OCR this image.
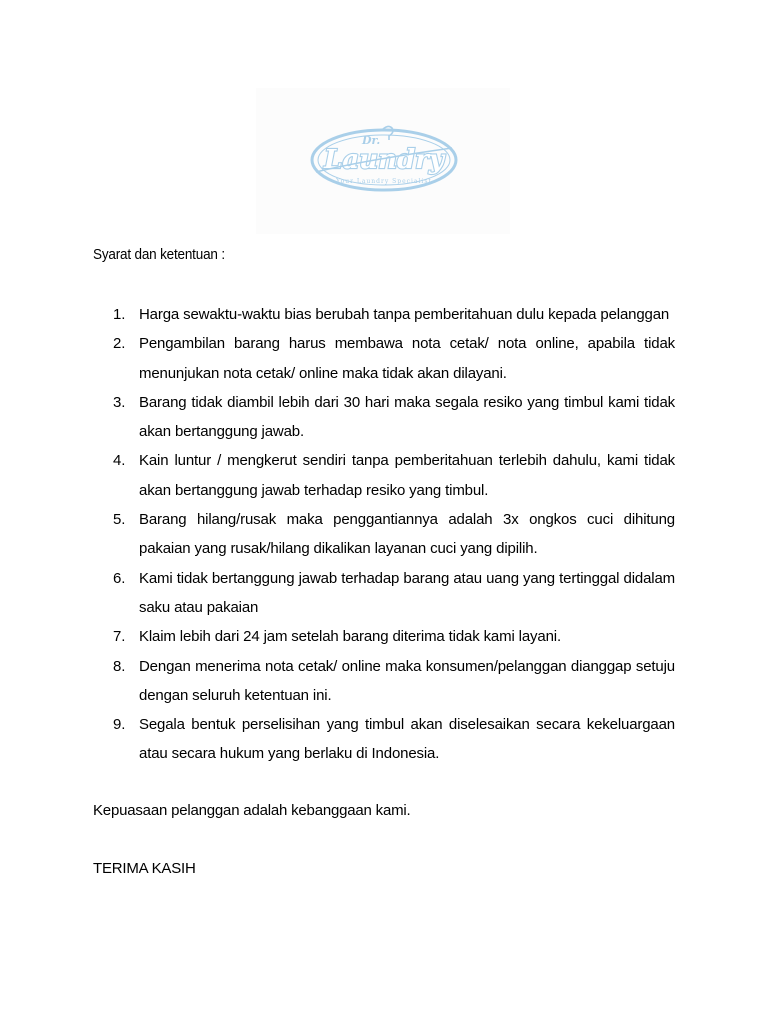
Dr.
Laundry
Your Laundry Specialist
Syarat dan ketentuan :
1. Harga sewaktu-waktu bias berubah tanpa pemberitahuan dulu kepada pelanggan
2. Pengambilan barang harus membawa nota cetak/ nota online, apabila tidak menunjukan nota cetak/ online maka tidak akan dilayani.
3. Barang tidak diambil lebih dari 30 hari maka segala resiko yang timbul kami tidak akan bertanggung jawab.
4. Kain luntur / mengkerut sendiri tanpa pemberitahuan terlebih dahulu, kami tidak akan bertanggung jawab terhadap resiko yang timbul.
5. Barang hilang/rusak maka penggantiannya adalah 3x ongkos cuci dihitung pakaian yang rusak/hilang dikalikan layanan cuci yang dipilih.
6. Kami tidak bertanggung jawab terhadap barang atau uang yang tertinggal didalam saku atau pakaian
7. Klaim lebih dari 24 jam setelah barang diterima tidak kami layani.
8. Dengan menerima nota cetak/ online maka konsumen/pelanggan dianggap setuju dengan seluruh ketentuan ini.
9. Segala bentuk perselisihan yang timbul akan diselesaikan secara kekeluargaan atau secara hukum yang berlaku di Indonesia.
Kepuasaan pelanggan adalah kebanggaan kami.
TERIMA KASIH
